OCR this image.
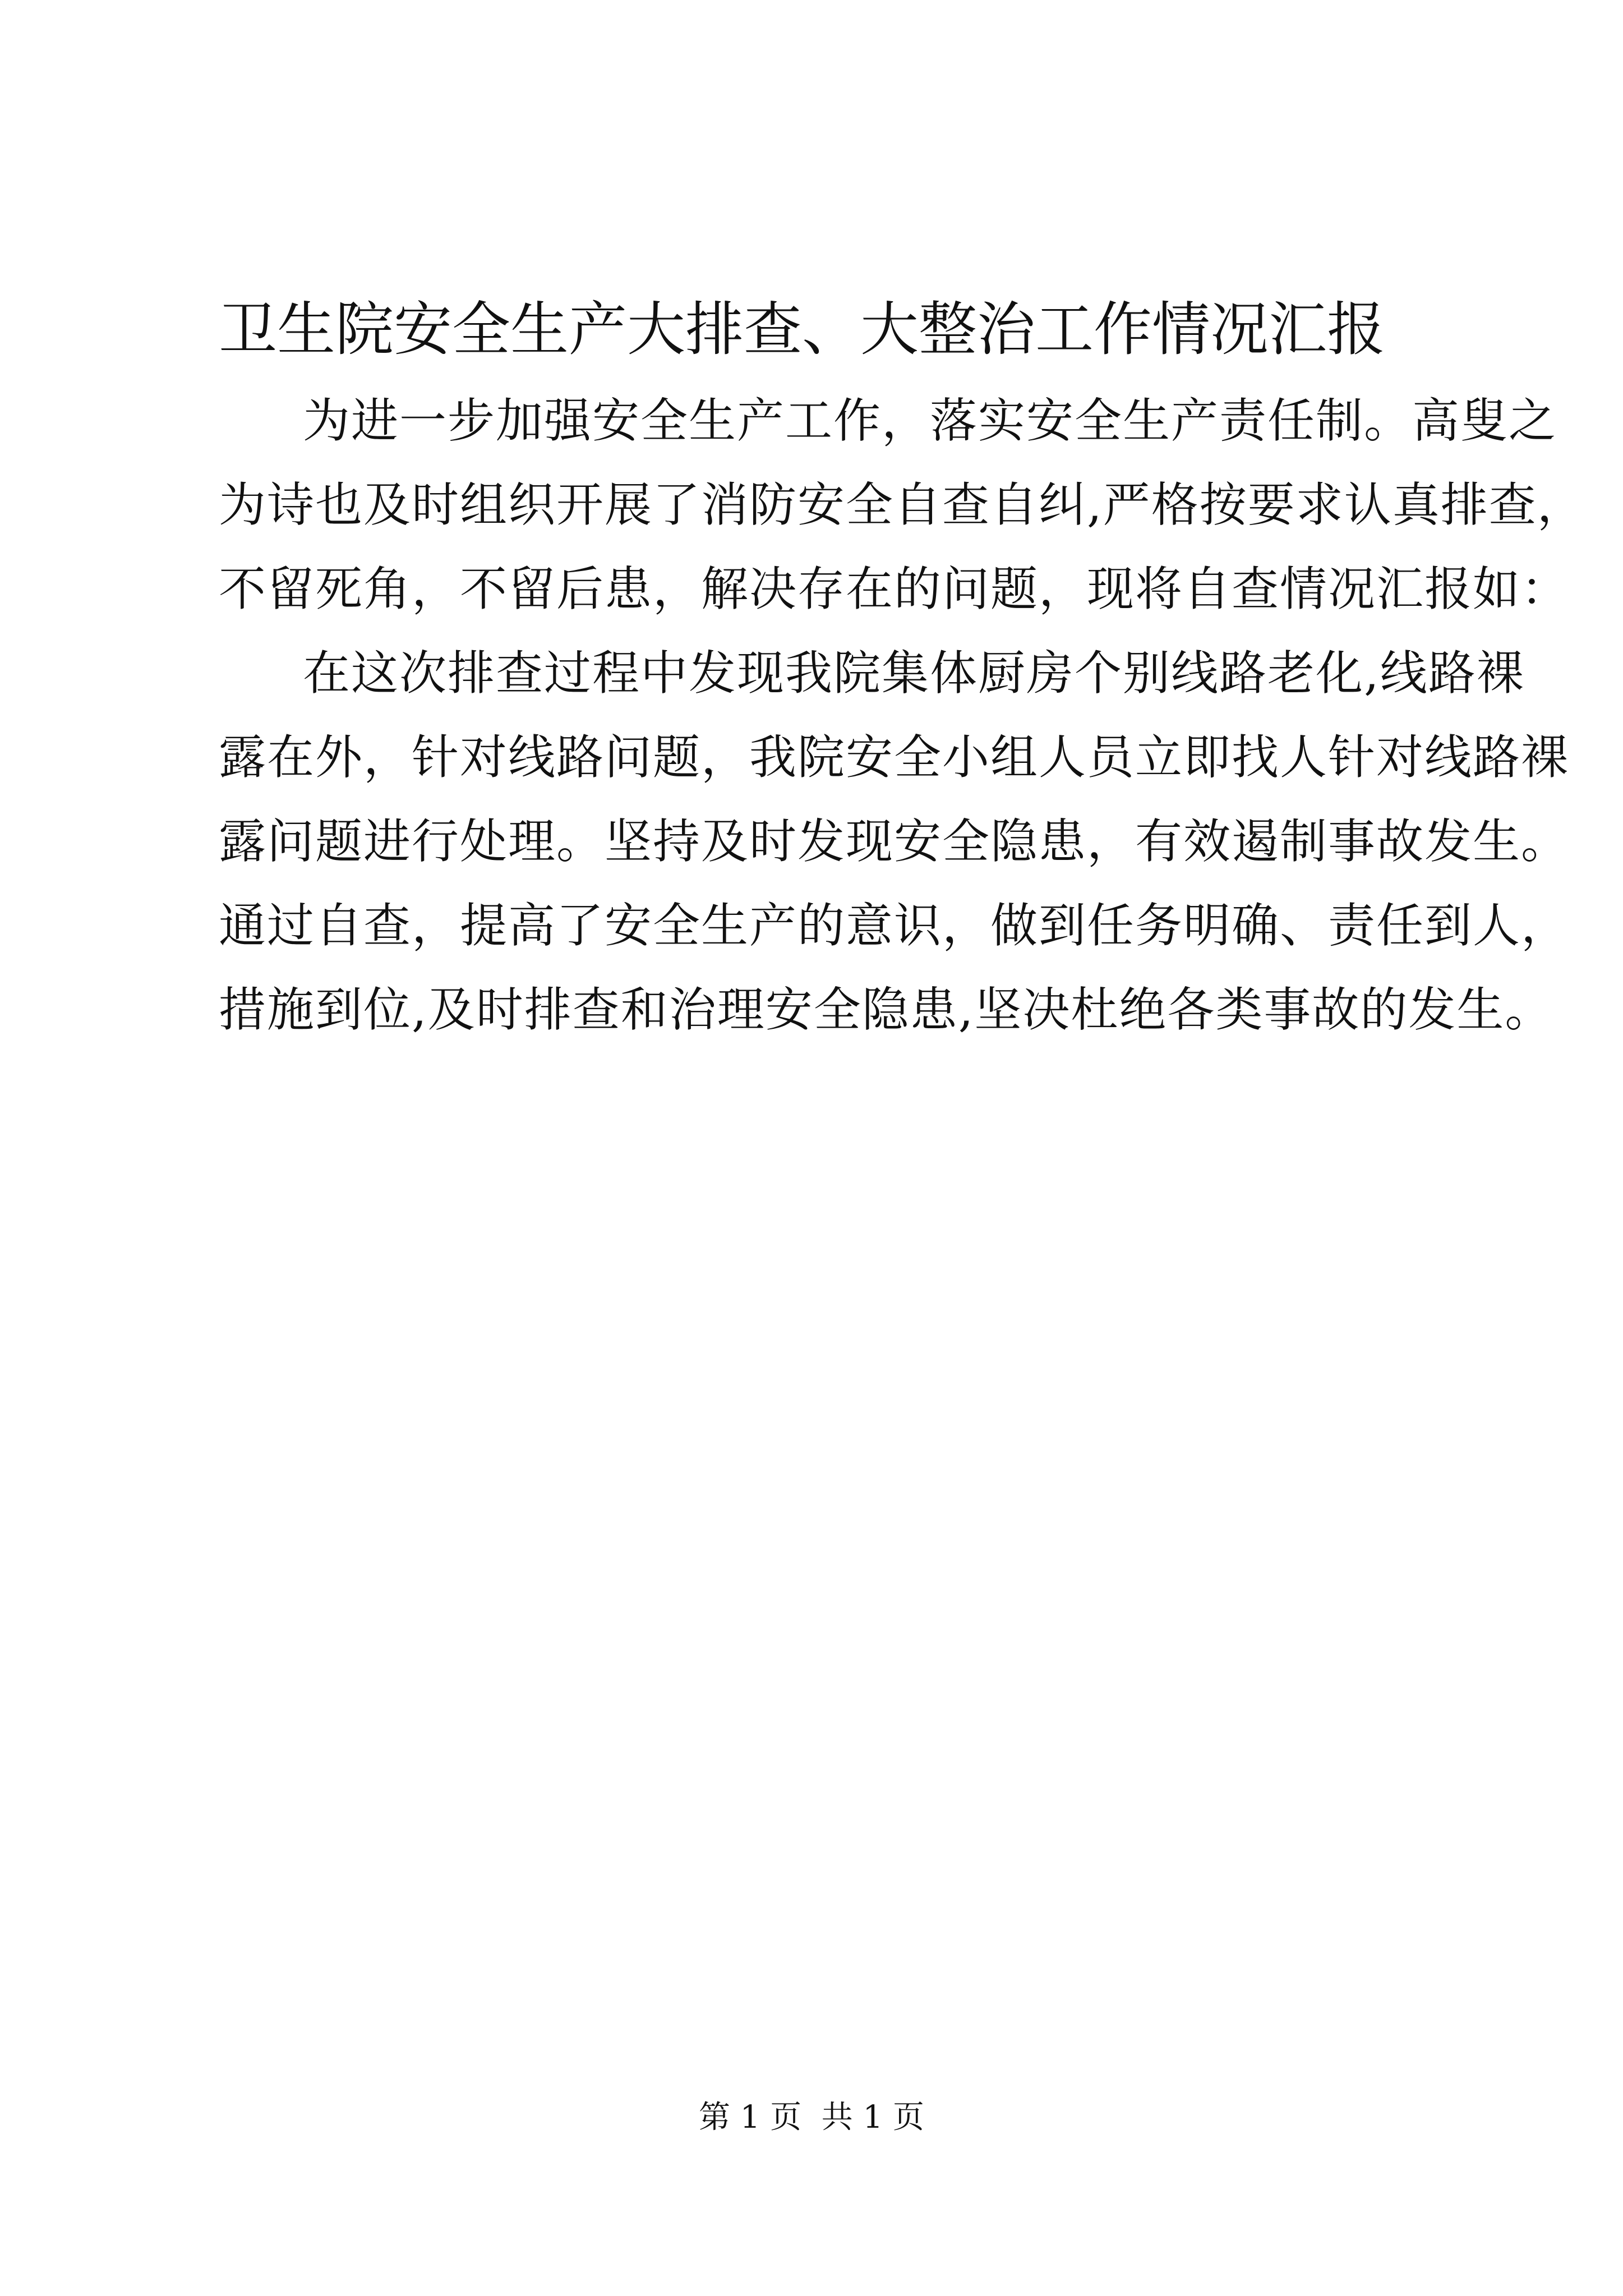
卫生院安全生产大排查、大整治工作情况汇报

为进一步加强安全生产工作，落实安全生产责任制。高叟之

为诗也及时组织开展了消防安全自查自纠,严格按要求认真排查，

不留死角，不留后患，解决存在的问题，现将自查情况汇报如：

在这次排查过程中发现我院集体厨房个别线路老化,线路裸

露在外，针对线路问题，我院安全小组人员立即找人针对线路裸

露问题进行处理。坚持及时发现安全隐患，有效遏制事故发生。

通过自查，提高了安全生产的意识，做到任务明确、责任到人，

措施到位,及时排查和治理安全隐患,坚决杜绝各类事故的发生。

第 1 页  共 1 页
